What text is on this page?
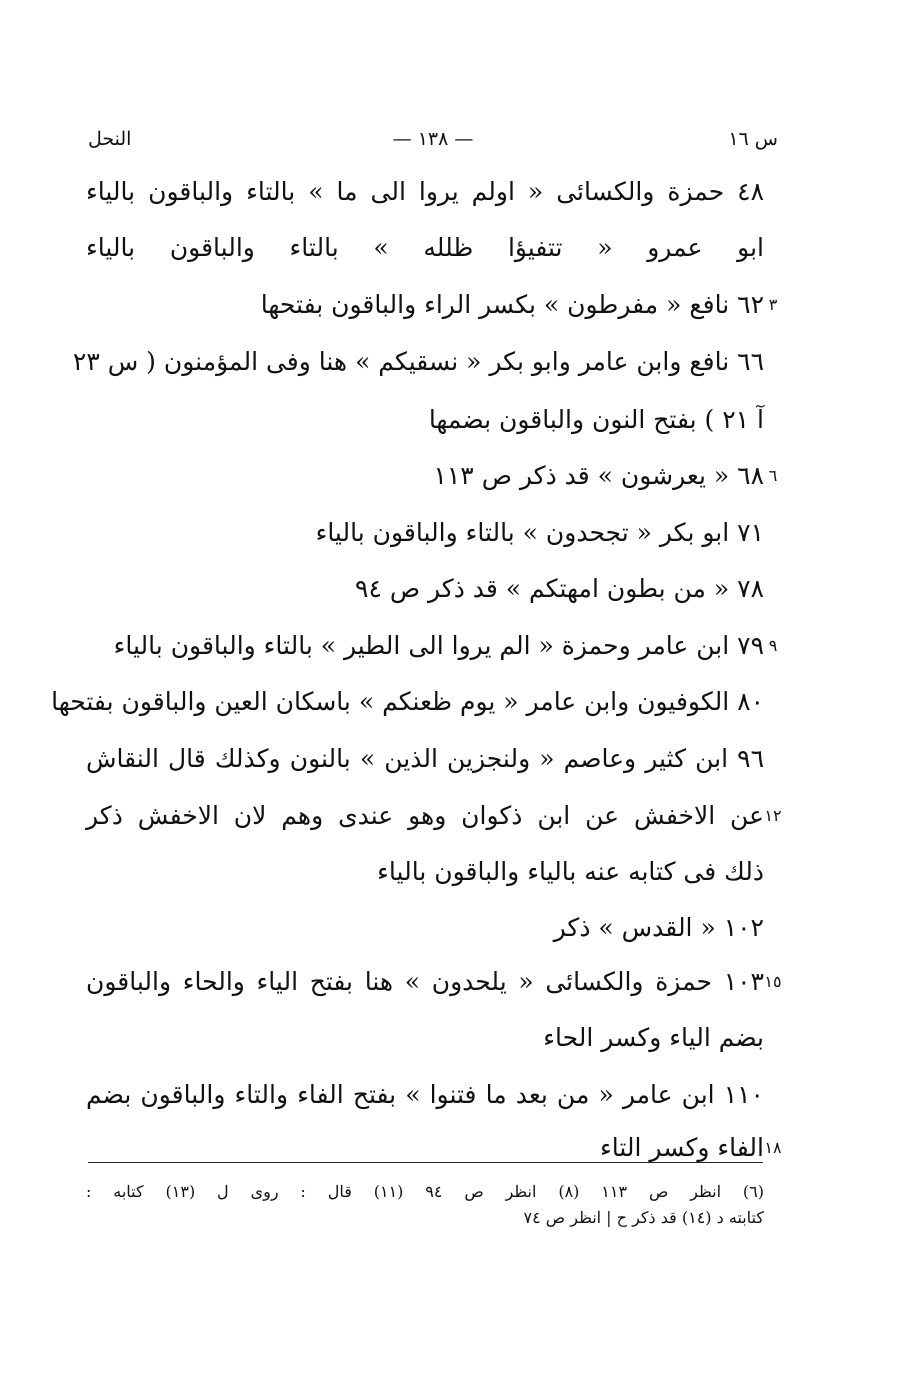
س ١٦
— ١٣٨ —
النحل
٤٨ حمزة والكسائى « اولم يروا الى ما » بالتاء والباقون بالياء
ابو عمرو « تتفيؤا ظلله » بالتاء والباقون بالياء
٦٢ نافع « مفرطون » بكسر الراء والباقون بفتحها
٦٦ نافع وابن عامر وابو بكر « نسقيكم » هنا وفى المؤمنون ( س ٢٣
آ ٢١ ) بفتح النون والباقون بضمها
٦٨ « يعرشون » قد ذكر ص ١١٣
٧١ ابو بكر « تجحدون » بالتاء والباقون بالياء
٧٨ « من بطون امهتكم » قد ذكر ص ٩٤
٧٩ ابن عامر وحمزة « الم يروا الى الطير » بالتاء والباقون بالياء
٨٠ الكوفيون وابن عامر « يوم ظعنكم » باسكان العين والباقون بفتحها
٩٦ ابن كثير وعاصم « ولنجزين الذين » بالنون وكذلك قال النقاش
عن الاخفش عن ابن ذكوان وهو عندى وهم لان الاخفش ذكر
ذلك فى كتابه عنه بالياء والباقون بالياء
١٠٢ « القدس » ذكر
١٠٣ حمزة والكسائى « يلحدون » هنا بفتح الياء والحاء والباقون
بضم الياء وكسر الحاء
١١٠ ابن عامر « من بعد ما فتنوا » بفتح الفاء والتاء والباقون بضم
الفاء وكسر التاء
٣
٦
٩
١٢
١٥
١٨
(٦) انظر ص ١١٣ (٨) انظر ص ٩٤ (١١) قال : روى ل (١٣) كتابه :
كتابته د (١٤) قد ذكر ح | انظر ص ٧٤
